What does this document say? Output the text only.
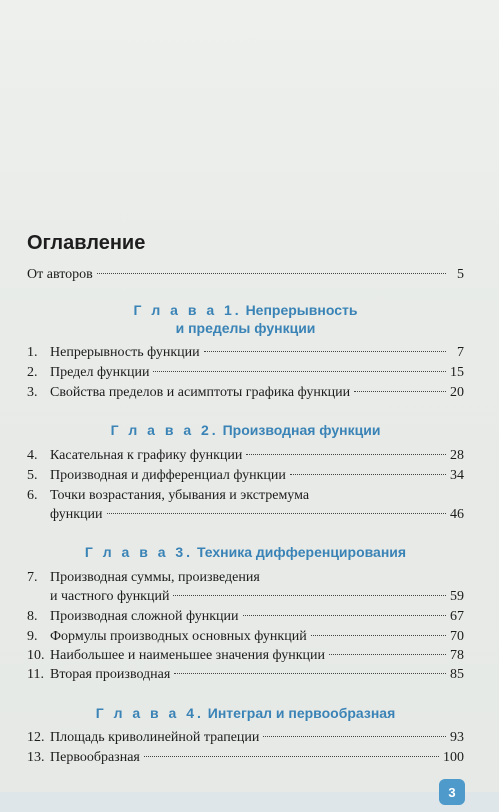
Оглавление
От авторов	5
Г л а в а 1. Непрерывность
и пределы функции
1. Непрерывность функции	7
2. Предел функции	15
3. Свойства пределов и асимптоты графика функции	20
Г л а в а 2. Производная функции
4. Касательная к графику функции	28
5. Производная и дифференциал функции	34
6. Точки возрастания, убывания и экстремума
функции	46
Г л а в а 3. Техника дифференцирования
7. Производная суммы, произведения
и частного функций	59
8. Производная сложной функции	67
9. Формулы производных основных функций	70
10. Наибольшее и наименьшее значения функции	78
11. Вторая производная	85
Г л а в а 4. Интеграл и первообразная
12. Площадь криволинейной трапеции	93
13. Первообразная	100
3
